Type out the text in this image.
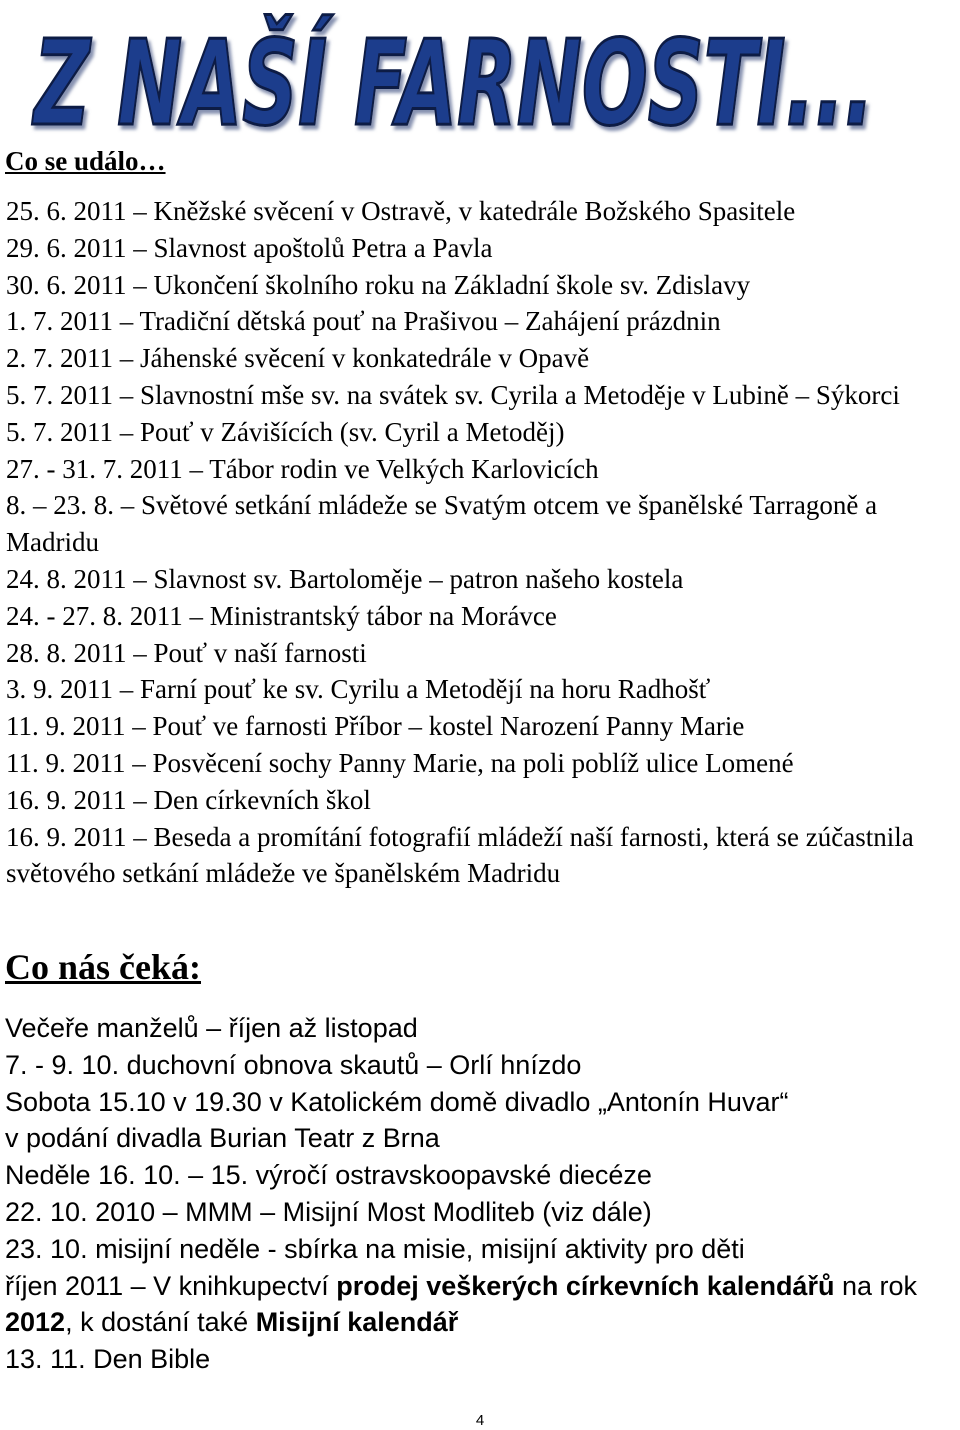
Z NAŠÍ FARNOSTI...
Co se událo…
25. 6. 2011 – Kněžské svěcení v Ostravě, v katedrále Božského Spasitele
29. 6. 2011 – Slavnost apoštolů Petra a Pavla
30. 6. 2011 – Ukončení školního roku na Základní škole sv. Zdislavy
1. 7. 2011 – Tradiční dětská pouť na Prašivou – Zahájení prázdnin
2. 7. 2011 – Jáhenské svěcení v konkatedrále v Opavě
5. 7. 2011 – Slavnostní mše sv. na svátek sv. Cyrila a Metoděje v Lubině – Sýkorci
5. 7. 2011 – Pouť v Závišících (sv. Cyril a Metoděj)
27. - 31. 7. 2011 – Tábor rodin ve Velkých Karlovicích
8. – 23. 8. – Světové setkání mládeže se Svatým otcem ve španělské Tarragoně a Madridu
24. 8. 2011 – Slavnost sv. Bartoloměje – patron našeho kostela
24. - 27. 8. 2011 – Ministrantský tábor na Morávce
28. 8. 2011 – Pouť v naší farnosti
3. 9. 2011 – Farní pouť ke sv. Cyrilu a Metodějí na horu Radhošť
11. 9. 2011 – Pouť ve farnosti Příbor – kostel Narození Panny Marie
11. 9. 2011 – Posvěcení sochy Panny Marie, na poli poblíž ulice Lomené
16. 9. 2011 – Den církevních škol
16. 9. 2011 – Beseda a promítání fotografií mládeží naší farnosti, která se zúčastnila světového setkání mládeže ve španělském Madridu
Co nás čeká:
Večeře manželů – říjen až listopad
7. - 9. 10. duchovní obnova skautů – Orlí hnízdo
Sobota 15.10 v 19.30 v Katolickém domě divadlo „Antonín Huvar“
v podání divadla Burian Teatr z Brna
Neděle 16. 10. – 15. výročí ostravskoopavské diecéze
22. 10. 2010 – MMM – Misijní Most Modliteb (viz dále)
23. 10. misijní neděle - sbírka na misie, misijní aktivity pro děti
říjen 2011 – V knihkupectví prodej veškerých církevních kalendářů na rok 2012, k dostání také Misijní kalendář
13. 11. Den Bible
4
